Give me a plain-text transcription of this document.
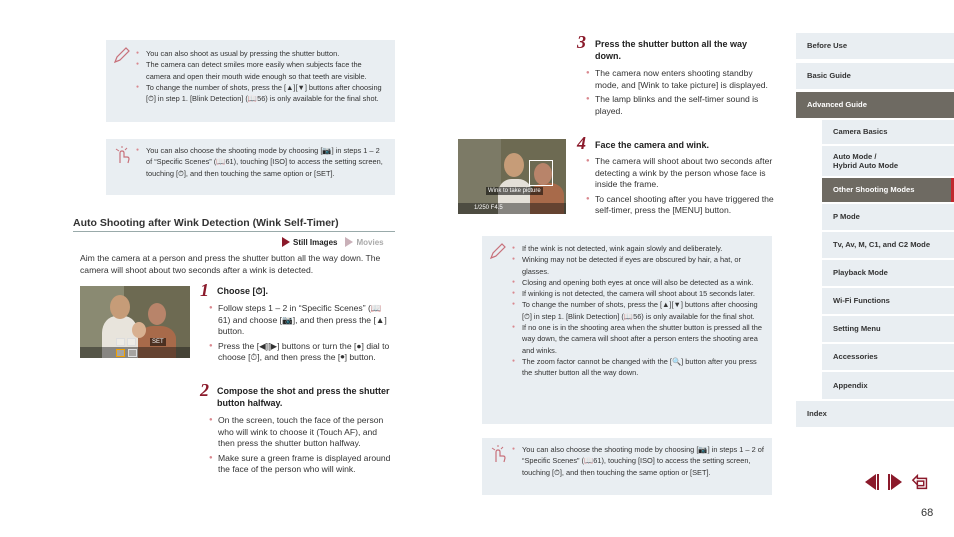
● You can also shoot as usual by pressing the shutter button.
● The camera can detect smiles more easily when subjects face the camera and open their mouth wide enough so that teeth are visible.
● To change the number of shots, press the [▲][▼] buttons after choosing [⏱] in step 1. [Blink Detection] (📖56) is only available for the final shot.
● You can also choose the shooting mode by choosing [📷] in steps 1 – 2 of “Specific Scenes” (📖61), touching [ISO] to access the setting screen, touching [⏱], and then touching the same option or [SET].
Auto Shooting after Wink Detection (Wink Self-Timer)
Still Images Movies
Aim the camera at a person and press the shutter button all the way down. The camera will shoot about two seconds after a wink is detected.
SET
1 Choose [⏱].
● Follow steps 1 – 2 in “Specific Scenes” (📖61) and choose [📷], and then press the [▲] button.
● Press the [◀][▶] buttons or turn the [●] dial to choose [⏱], and then press the [⏺] button.
2 Compose the shot and press the shutter button halfway.
● On the screen, touch the face of the person who will wink to choose it (Touch AF), and then press the shutter button halfway.
● Make sure a green frame is displayed around the face of the person who will wink.
3 Press the shutter button all the way down.
● The camera now enters shooting standby mode, and [Wink to take picture] is displayed.
● The lamp blinks and the self-timer sound is played.
Wink to take picture
1/250 F4.5
4 Face the camera and wink.
● The camera will shoot about two seconds after detecting a wink by the person whose face is inside the frame.
● To cancel shooting after you have triggered the self-timer, press the [MENU] button.
● If the wink is not detected, wink again slowly and deliberately.
● Winking may not be detected if eyes are obscured by hair, a hat, or glasses.
● Closing and opening both eyes at once will also be detected as a wink.
● If winking is not detected, the camera will shoot about 15 seconds later.
● To change the number of shots, press the [▲][▼] buttons after choosing [⏱] in step 1. [Blink Detection] (📖56) is only available for the final shot.
● If no one is in the shooting area when the shutter button is pressed all the way down, the camera will shoot after a person enters the shooting area and winks.
● The zoom factor cannot be changed with the [🔍] button after you press the shutter button all the way down.
● You can also choose the shooting mode by choosing [📷] in steps 1 – 2 of “Specific Scenes” (📖61), touching [ISO] to access the setting screen, touching [⏱], and then touching the same option or [SET].
Before Use
Basic Guide
Advanced Guide
Camera Basics
Auto Mode /
Hybrid Auto Mode
Other Shooting Modes
P Mode
Tv, Av, M, C1, and C2 Mode
Playback Mode
Wi-Fi Functions
Setting Menu
Accessories
Appendix
Index
68
